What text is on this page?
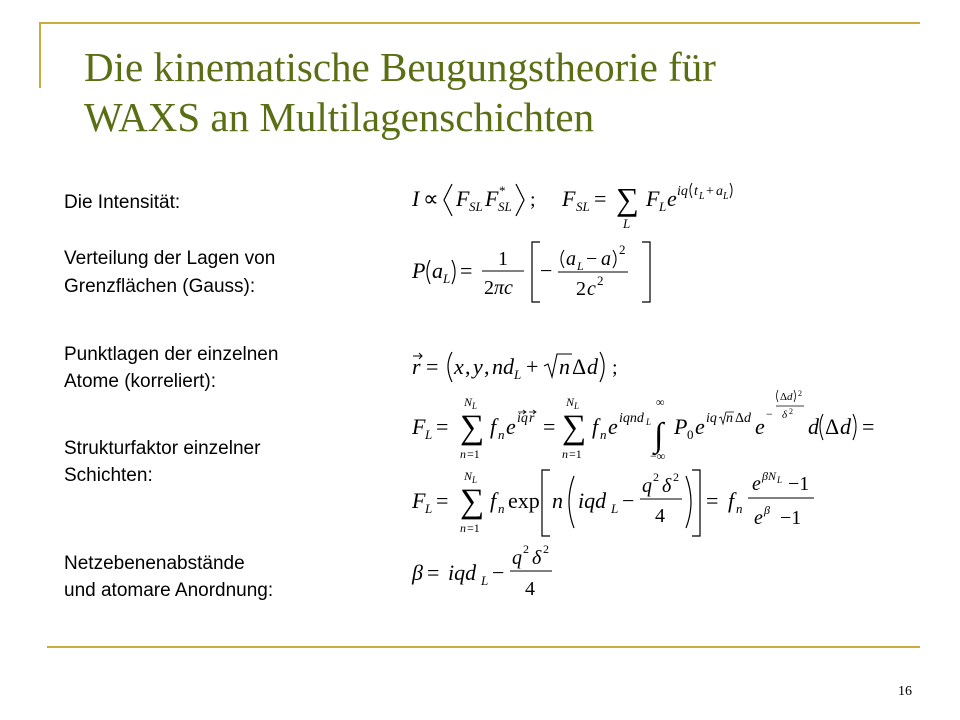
Die kinematische Beugungstheorie für
WAXS an Multilagenschichten
Die Intensität:
Verteilung der Lagen von
Grenzflächen (Gauss):
Punktlagen der einzelnen
Atome (korreliert):
Strukturfaktor einzelner
Schichten:
Netzebenenabstände
und atomare Anordnung:
I ∝ F SL F *
SL ; F SL = ∑
L
F L e iq t L + a L
P a L = 1
2 πc
− a L − a 2
2 c 2
r = x , y , nd L + n Δ d ;
F L = ∑
N L
n =1
f n e iq r = ∑
N L
n =1
f n e iqnd L ∫
∞
−∞
P 0 e iq n Δ d e −
Δ d 2
δ 2
d Δ d =
F L = ∑
N L
n =1
f n exp n iqd L −
q 2 δ 2
4
= f n
e βN L −1
e β −1
β = iqd L −
q 2 δ 2
4
16
